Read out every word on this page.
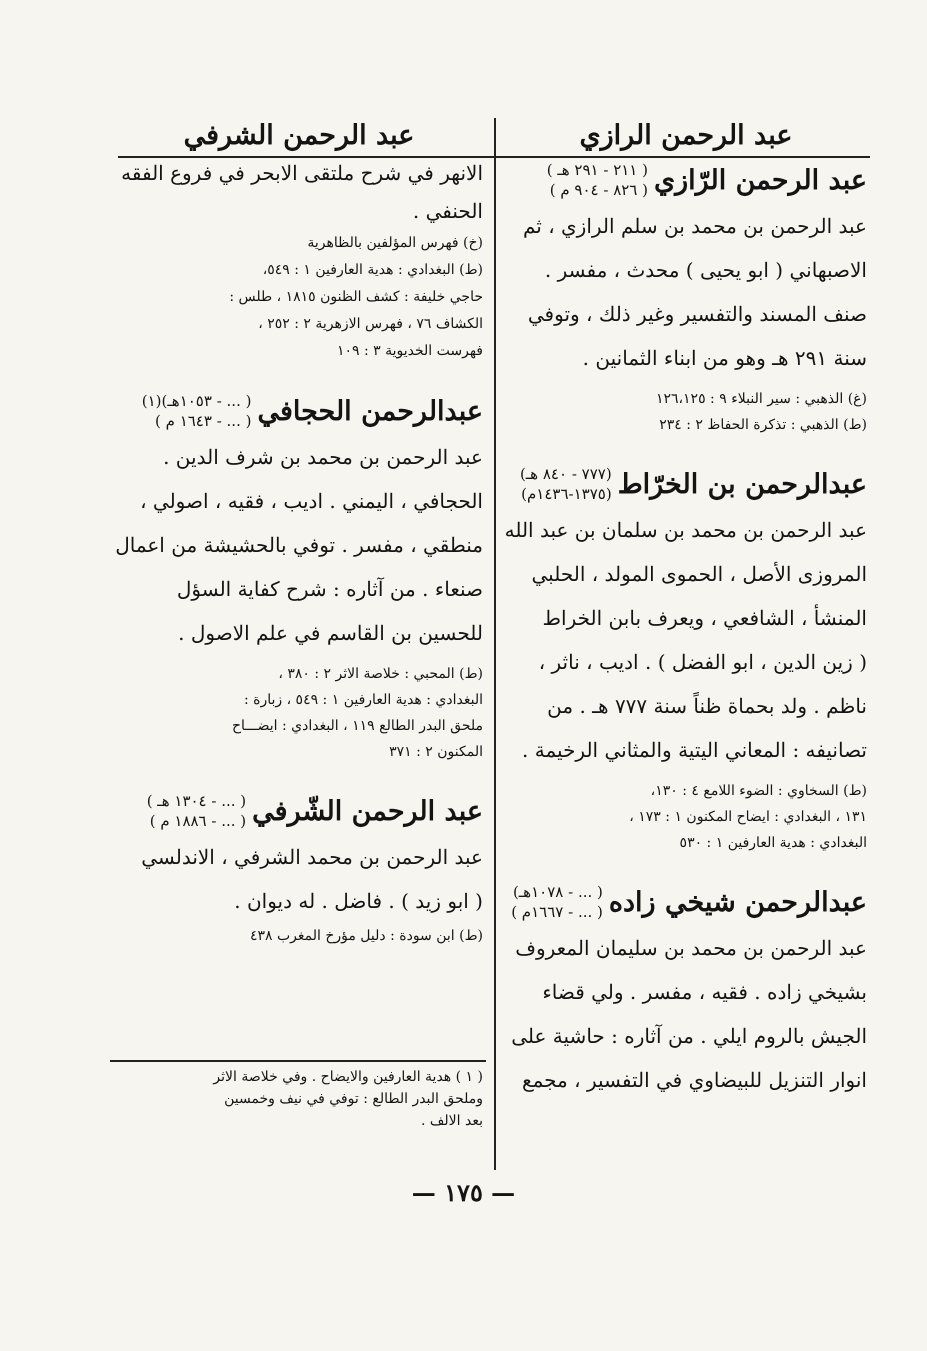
عبد الرحمن الرازي
عبد الرحمن الرّازي
( ٢١١ - ٢٩١ هـ )
( ٨٢٦ - ٩٠٤ م )
عبد الرحمن بن محمد بن سلم الرازي ، ثم
الاصبهاني ( ابو يحيى ) محدث ، مفسر .
صنف المسند والتفسير وغير ذلك ، وتوفي
سنة ٢٩١ هـ وهو من ابناء الثمانين .
(غ) الذهبي : سير النبلاء ٩ : ١٢٦،١٢٥
(ط) الذهبي : تذكرة الحفاظ ٢ : ٢٣٤
عبدالرحمن بن الخرّاط
(٧٧٧ - ٨٤٠ هـ)
(١٣٧٥-١٤٣٦م)
عبد الرحمن بن محمد بن سلمان بن عبد الله
المروزى الأصل ، الحموى المولد ، الحلبي
المنشأ ، الشافعي ، ويعرف بابن الخراط
( زين الدين ، ابو الفضل ) . اديب ، ناثر ،
ناظم . ولد بحماة ظناً سنة ٧٧٧ هـ . من
تصانيفه : المعاني اليتية والمثاني الرخيمة .
(ط) السخاوي : الضوء اللامع ٤ : ١٣٠،
١٣١ ، البغدادي : ايضاح المكنون ١ : ١٧٣ ،
البغدادي : هدية العارفين ١ : ٥٣٠
عبدالرحمن شيخي زاده
( ... - ١٠٧٨هـ)
( ... - ١٦٦٧م )
عبد الرحمن بن محمد بن سليمان المعروف
بشيخي زاده . فقيه ، مفسر . ولي قضاء
الجيش بالروم ايلي . من آثاره : حاشية على
انوار التنزيل للبيضاوي في التفسير ، مجمع
عبد الرحمن الشرفي
الانهر في شرح ملتقى الابحر في فروع الفقه
الحنفي .
(خ) فهرس المؤلفين بالظاهرية
(ط) البغدادي : هدية العارفين ١ : ٥٤٩،
حاجي خليفة : كشف الظنون ١٨١٥ ، طلس :
الكشاف ٧٦ ، فهرس الازهرية ٢ : ٢٥٢ ،
فهرست الخديوية ٣ : ١٠٩
عبدالرحمن الحجافي
( ... - ١٠٥٣هـ)(١)
( ... - ١٦٤٣ م )
عبد الرحمن بن محمد بن شرف الدين .
الحجافي ، اليمني . اديب ، فقيه ، اصولي ،
منطقي ، مفسر . توفي بالحشيشة من اعمال
صنعاء . من آثاره : شرح كفاية السؤل
للحسين بن القاسم في علم الاصول .
(ط) المحبي : خلاصة الاثر ٢ : ٣٨٠ ،
البغدادي : هدية العارفين ١ : ٥٤٩ ، زبارة :
ملحق البدر الطالع ١١٩ ، البغدادي : ايضـــاح
المكنون ٢ : ٣٧١
عبد الرحمن الشّرفي
( ... - ١٣٠٤ هـ )
( ... - ١٨٨٦ م )
عبد الرحمن بن محمد الشرفي ، الاندلسي
( ابو زيد ) . فاضل . له ديوان .
(ط) ابن سودة : دليل مؤرخ المغرب ٤٣٨
( ١ ) هدية العارفين والايضاح . وفي خلاصة الاثر
وملحق البدر الطالع : توفي في نيف وخمسين
بعد الالف .
— ١٧٥ —
